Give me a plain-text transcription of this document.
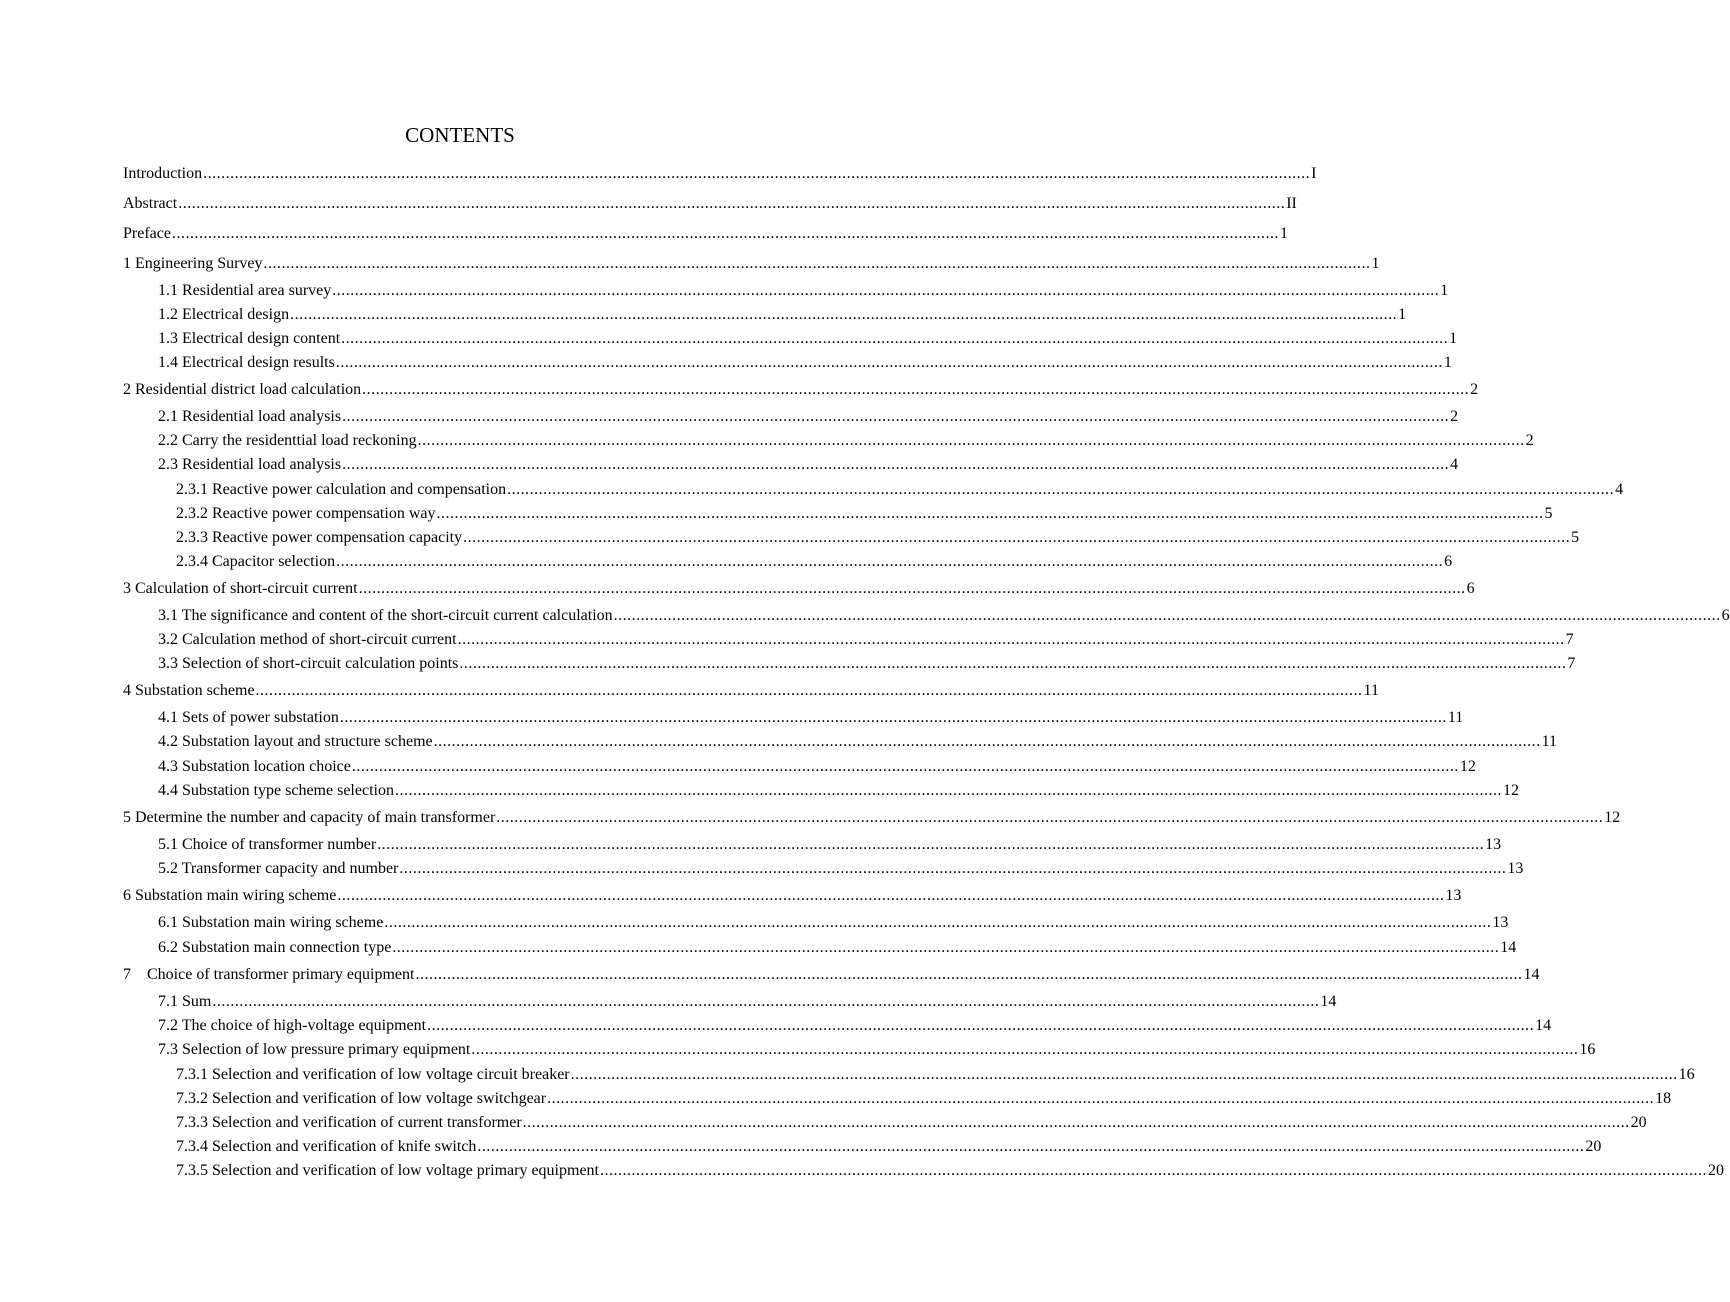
CONTENTS
Introduction ...................................................................................................................................................................................................................................................... I
Abstract ...................................................................................................................................................................................................................................................... II
Preface ...................................................................................................................................................................................................................................................... 1
1 Engineering Survey ...................................................................................................................................................................................................................................................... 1
1.1 Residential area survey ...................................................................................................................................................................................................................................................... 1
1.2 Electrical design ...................................................................................................................................................................................................................................................... 1
1.3 Electrical design content ...................................................................................................................................................................................................................................................... 1
1.4 Electrical design results ...................................................................................................................................................................................................................................................... 1
2 Residential district load calculation ...................................................................................................................................................................................................................................................... 2
2.1 Residential load analysis ...................................................................................................................................................................................................................................................... 2
2.2 Carry the residenttial load reckoning ...................................................................................................................................................................................................................................................... 2
2.3 Residential load analysis ...................................................................................................................................................................................................................................................... 4
2.3.1 Reactive power calculation and compensation ...................................................................................................................................................................................................................................................... 4
2.3.2 Reactive power compensation way ...................................................................................................................................................................................................................................................... 5
2.3.3 Reactive power compensation capacity ...................................................................................................................................................................................................................................................... 5
2.3.4 Capacitor selection ...................................................................................................................................................................................................................................................... 6
3 Calculation of short-circuit current ...................................................................................................................................................................................................................................................... 6
3.1 The significance and content of the short-circuit current calculation ...................................................................................................................................................................................................................................................... 6
3.2 Calculation method of short-circuit current ...................................................................................................................................................................................................................................................... 7
3.3 Selection of short-circuit calculation points ...................................................................................................................................................................................................................................................... 7
4 Substation scheme ...................................................................................................................................................................................................................................................... 11
4.1 Sets of power substation ...................................................................................................................................................................................................................................................... 11
4.2 Substation layout and structure scheme ...................................................................................................................................................................................................................................................... 11
4.3 Substation location choice ...................................................................................................................................................................................................................................................... 12
4.4 Substation type scheme selection ...................................................................................................................................................................................................................................................... 12
5 Determine the number and capacity of main transformer ...................................................................................................................................................................................................................................................... 12
5.1 Choice of transformer number ...................................................................................................................................................................................................................................................... 13
5.2 Transformer capacity and number ...................................................................................................................................................................................................................................................... 13
6 Substation main wiring scheme ...................................................................................................................................................................................................................................................... 13
6.1 Substation main wiring scheme ...................................................................................................................................................................................................................................................... 13
6.2 Substation main connection type ...................................................................................................................................................................................................................................................... 14
7    Choice of transformer primary equipment ...................................................................................................................................................................................................................................................... 14
7.1 Sum ...................................................................................................................................................................................................................................................... 14
7.2 The choice of high-voltage equipment ...................................................................................................................................................................................................................................................... 14
7.3 Selection of low pressure primary equipment ...................................................................................................................................................................................................................................................... 16
7.3.1 Selection and verification of low voltage circuit breaker ...................................................................................................................................................................................................................................................... 16
7.3.2 Selection and verification of low voltage switchgear ...................................................................................................................................................................................................................................................... 18
7.3.3 Selection and verification of current transformer ...................................................................................................................................................................................................................................................... 20
7.3.4 Selection and verification of knife switch ...................................................................................................................................................................................................................................................... 20
7.3.5 Selection and verification of low voltage primary equipment ...................................................................................................................................................................................................................................................... 20
